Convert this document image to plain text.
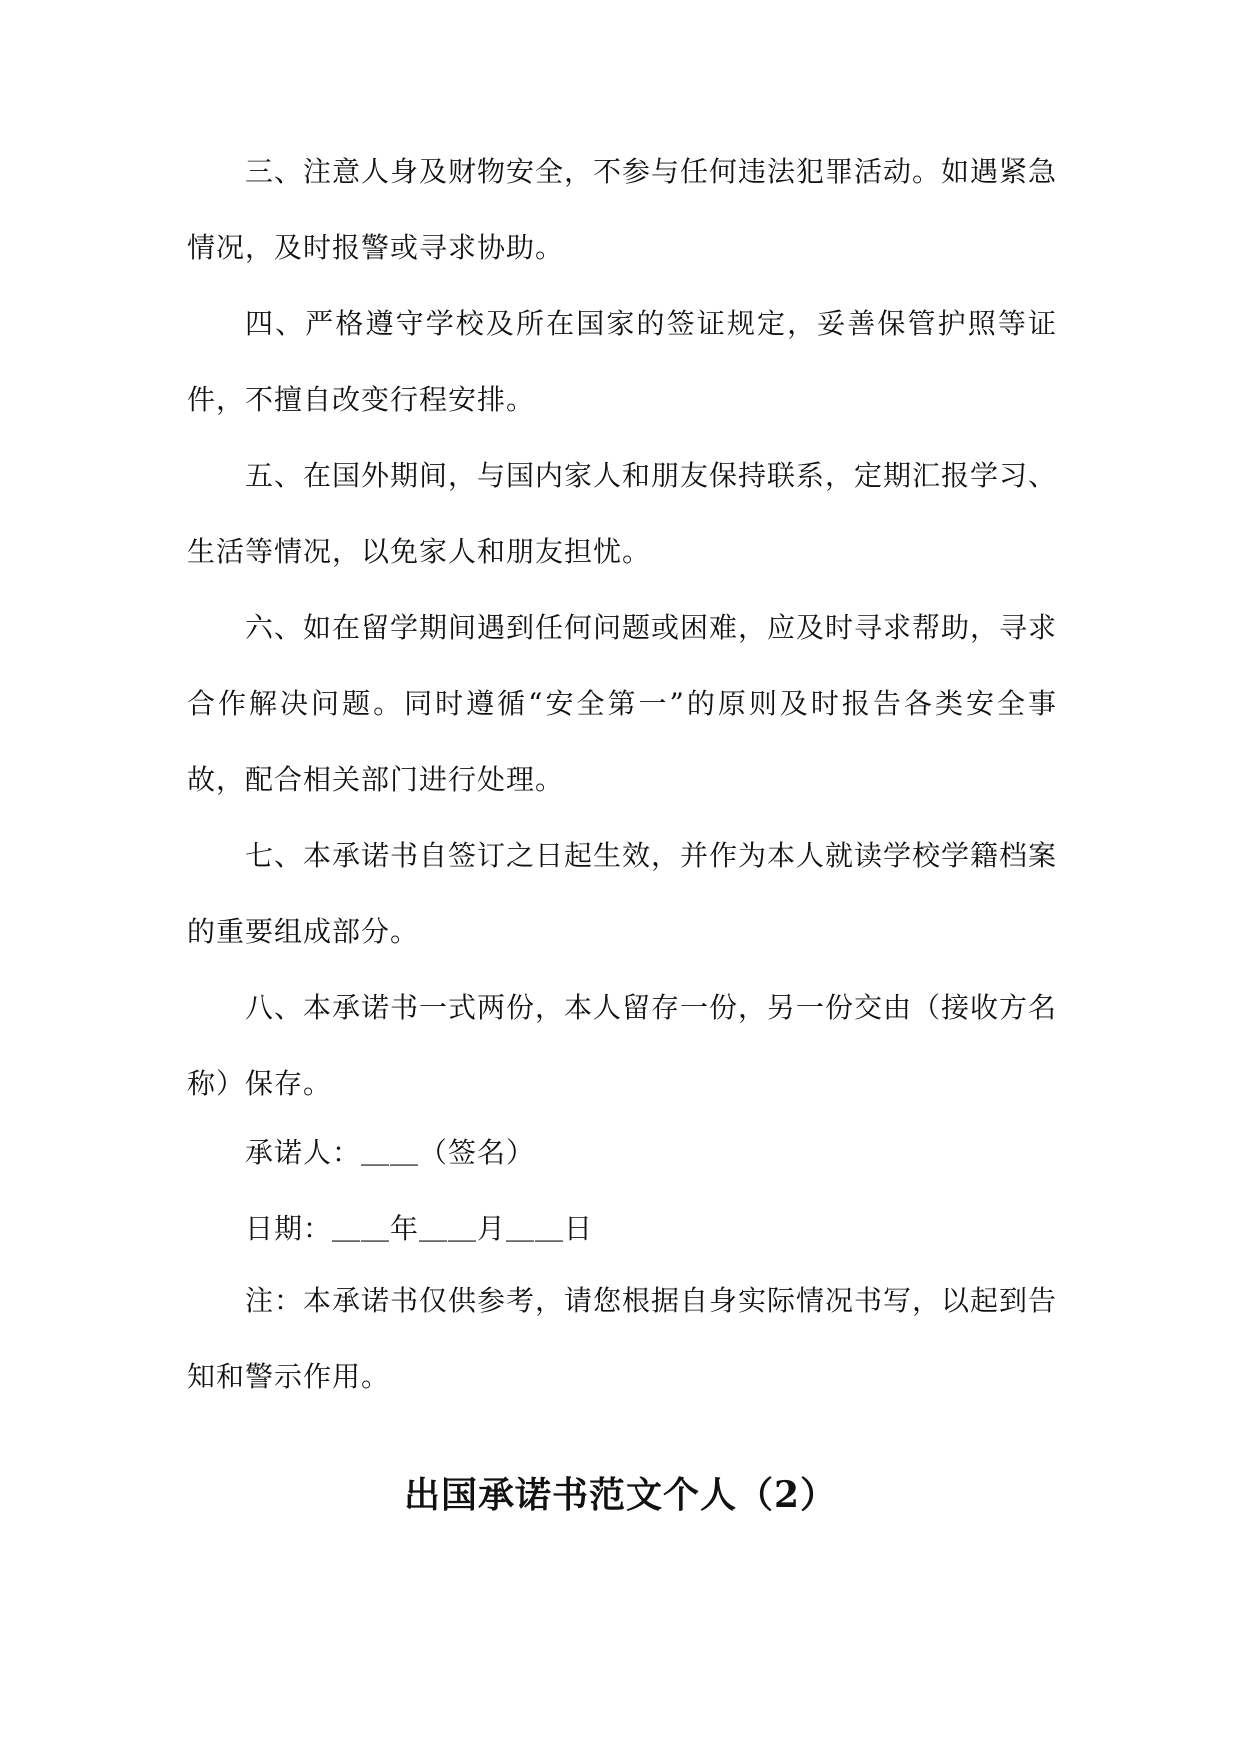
三、注意人身及财物安全，不参与任何违法犯罪活动。如遇紧急情况，及时报警或寻求协助。

四、严格遵守学校及所在国家的签证规定，妥善保管护照等证件，不擅自改变行程安排。

五、在国外期间，与国内家人和朋友保持联系，定期汇报学习、生活等情况，以免家人和朋友担忧。

六、如在留学期间遇到任何问题或困难，应及时寻求帮助，寻求合作解决问题。同时遵循“安全第一”的原则及时报告各类安全事故，配合相关部门进行处理。

七、本承诺书自签订之日起生效，并作为本人就读学校学籍档案的重要组成部分。

八、本承诺书一式两份，本人留存一份，另一份交由（接收方名称）保存。

承诺人：＿＿（签名）

日期：＿＿年＿＿月＿＿日

注：本承诺书仅供参考，请您根据自身实际情况书写，以起到告知和警示作用。

出国承诺书范文个人（2）
